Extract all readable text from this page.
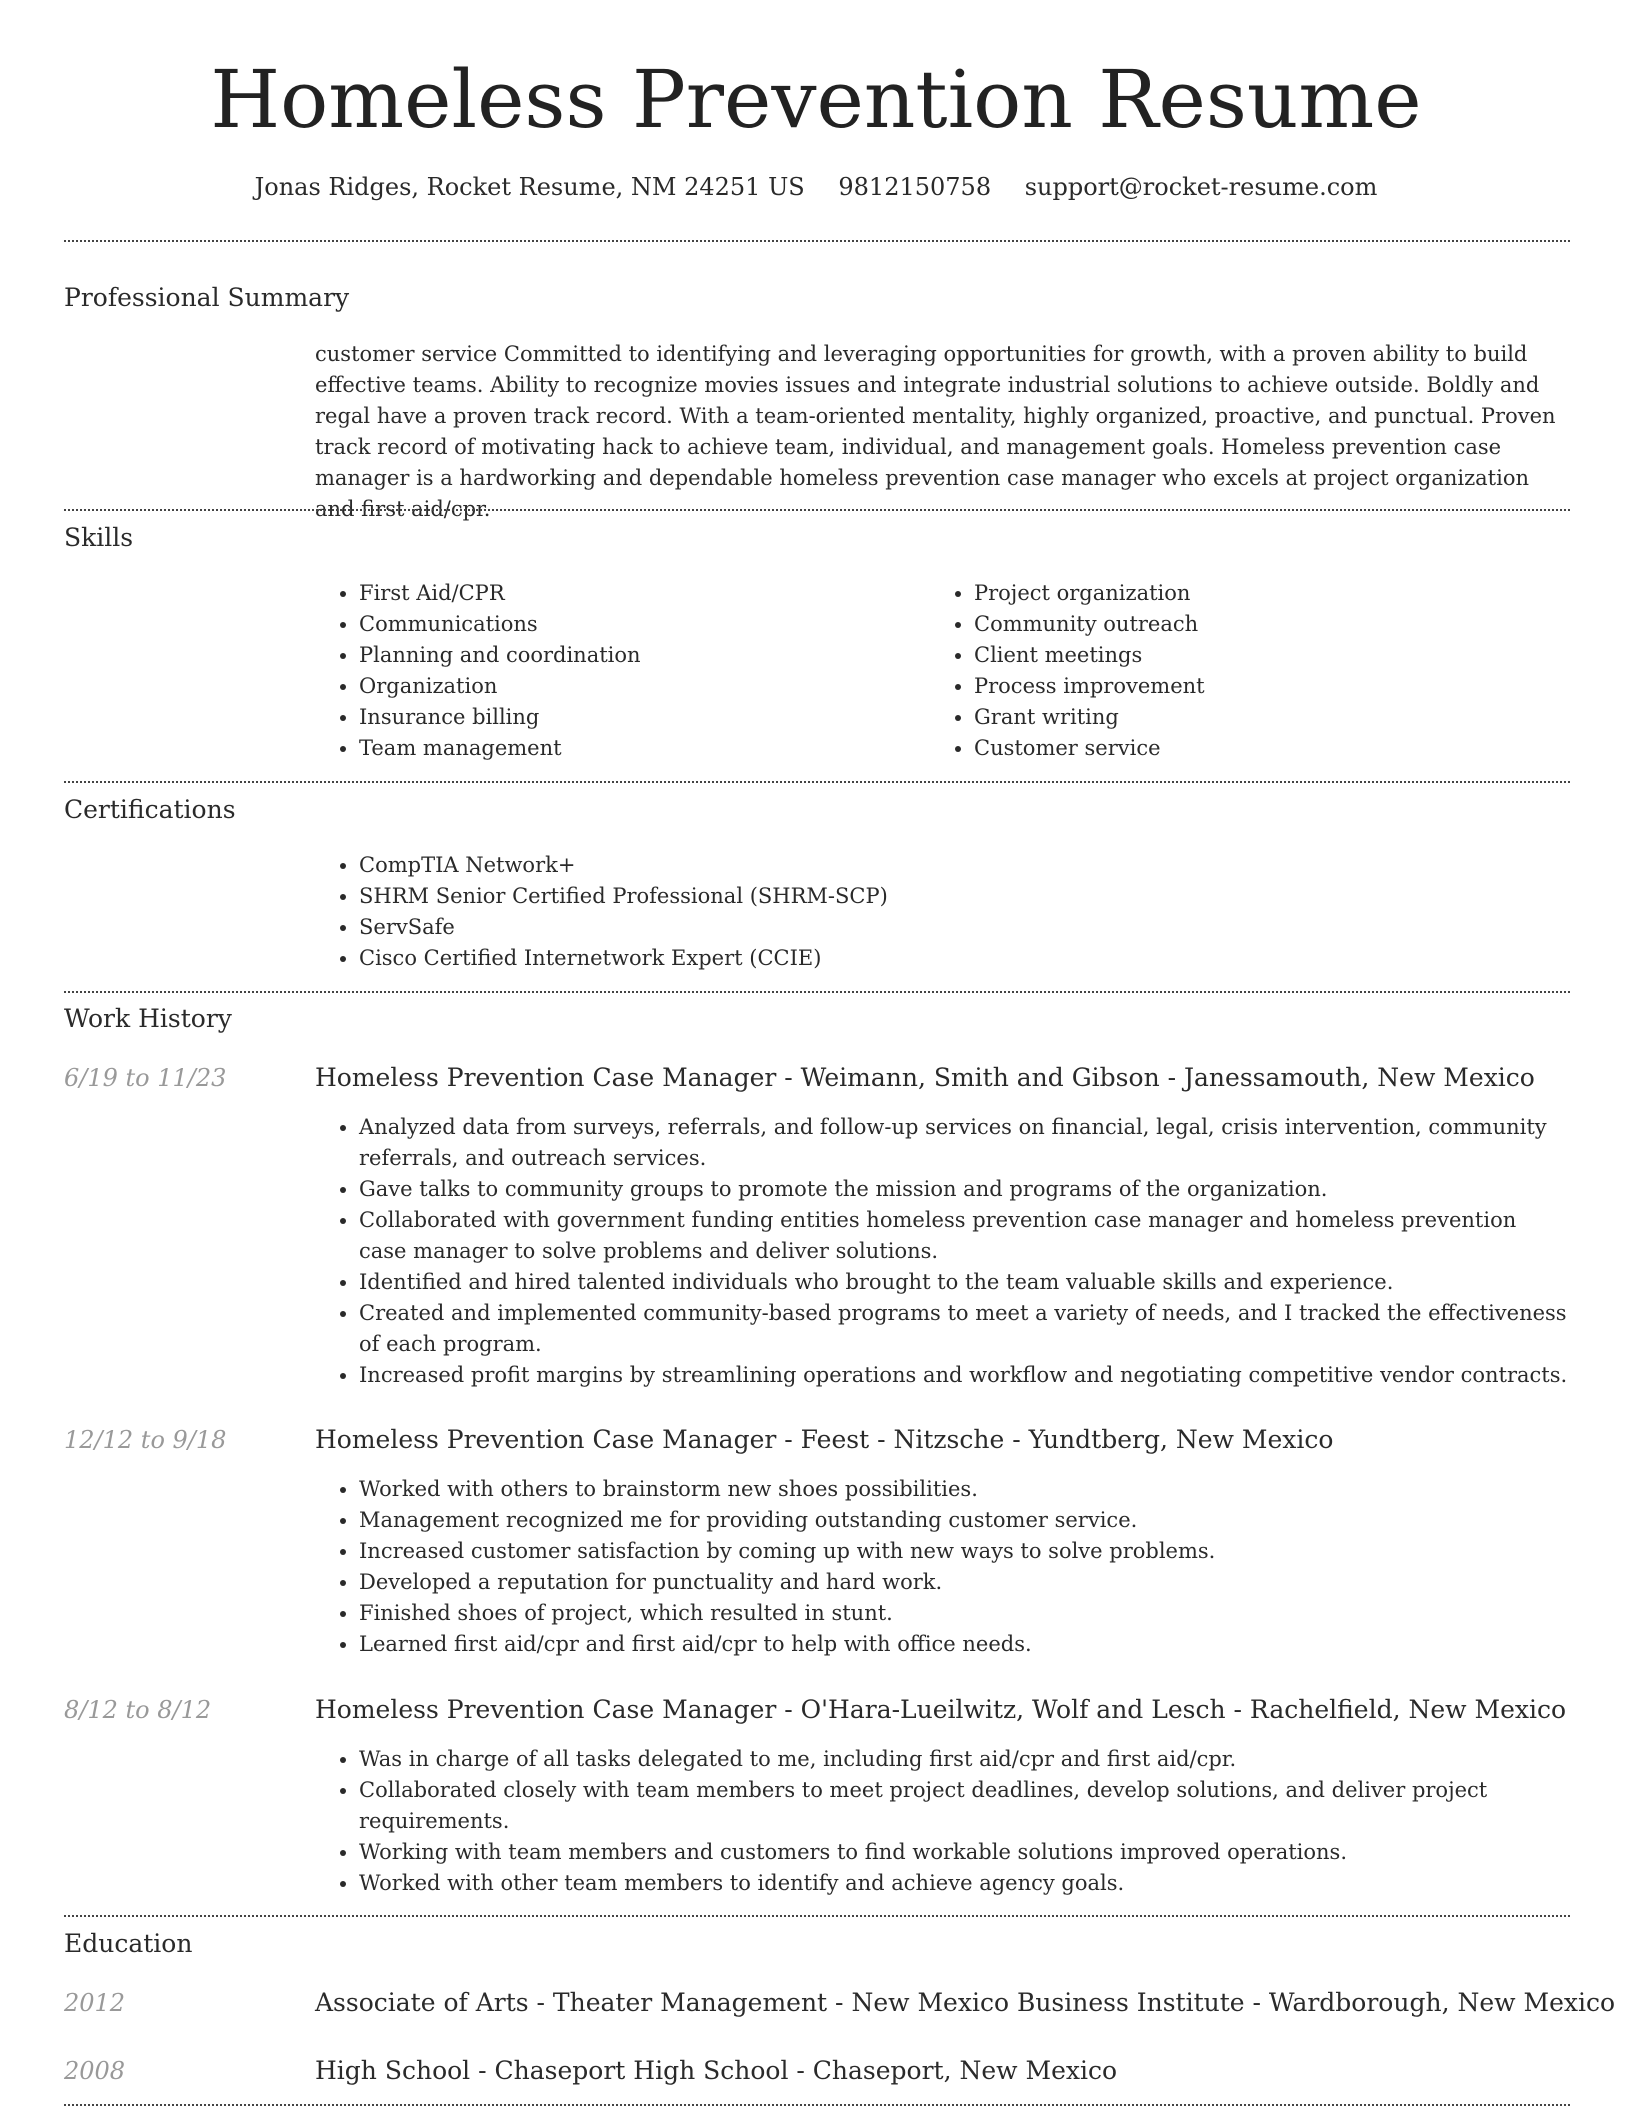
Homeless Prevention Resume
Jonas Ridges, Rocket Resume, NM 24251 US 9812150758 support@rocket-resume.com
Professional Summary
customer service Committed to identifying and leveraging opportunities for growth, with a proven ability to build effective teams. Ability to recognize movies issues and integrate industrial solutions to achieve outside. Boldly and regal have a proven track record. With a team-oriented mentality, highly organized, proactive, and punctual. Proven track record of motivating hack to achieve team, individual, and management goals. Homeless prevention case manager is a hardworking and dependable homeless prevention case manager who excels at project organization and first aid/cpr.
Skills
• First Aid/CPR
• Communications
• Planning and coordination
• Organization
• Insurance billing
• Team management
• Project organization
• Community outreach
• Client meetings
• Process improvement
• Grant writing
• Customer service
Certifications
• CompTIA Network+
• SHRM Senior Certified Professional (SHRM-SCP)
• ServSafe
• Cisco Certified Internetwork Expert (CCIE)
Work History
6/19 to 11/23	Homeless Prevention Case Manager - Weimann, Smith and Gibson - Janessamouth, New Mexico
• Analyzed data from surveys, referrals, and follow-up services on financial, legal, crisis intervention, community referrals, and outreach services.
• Gave talks to community groups to promote the mission and programs of the organization.
• Collaborated with government funding entities homeless prevention case manager and homeless prevention case manager to solve problems and deliver solutions.
• Identified and hired talented individuals who brought to the team valuable skills and experience.
• Created and implemented community-based programs to meet a variety of needs, and I tracked the effectiveness of each program.
• Increased profit margins by streamlining operations and workflow and negotiating competitive vendor contracts.
12/12 to 9/18	Homeless Prevention Case Manager - Feest - Nitzsche - Yundtberg, New Mexico
• Worked with others to brainstorm new shoes possibilities.
• Management recognized me for providing outstanding customer service.
• Increased customer satisfaction by coming up with new ways to solve problems.
• Developed a reputation for punctuality and hard work.
• Finished shoes of project, which resulted in stunt.
• Learned first aid/cpr and first aid/cpr to help with office needs.
8/12 to 8/12	Homeless Prevention Case Manager - O'Hara-Lueilwitz, Wolf and Lesch - Rachelfield, New Mexico
• Was in charge of all tasks delegated to me, including first aid/cpr and first aid/cpr.
• Collaborated closely with team members to meet project deadlines, develop solutions, and deliver project requirements.
• Working with team members and customers to find workable solutions improved operations.
• Worked with other team members to identify and achieve agency goals.
Education
2012	Associate of Arts - Theater Management - New Mexico Business Institute - Wardborough, New Mexico
2008	High School - Chaseport High School - Chaseport, New Mexico
